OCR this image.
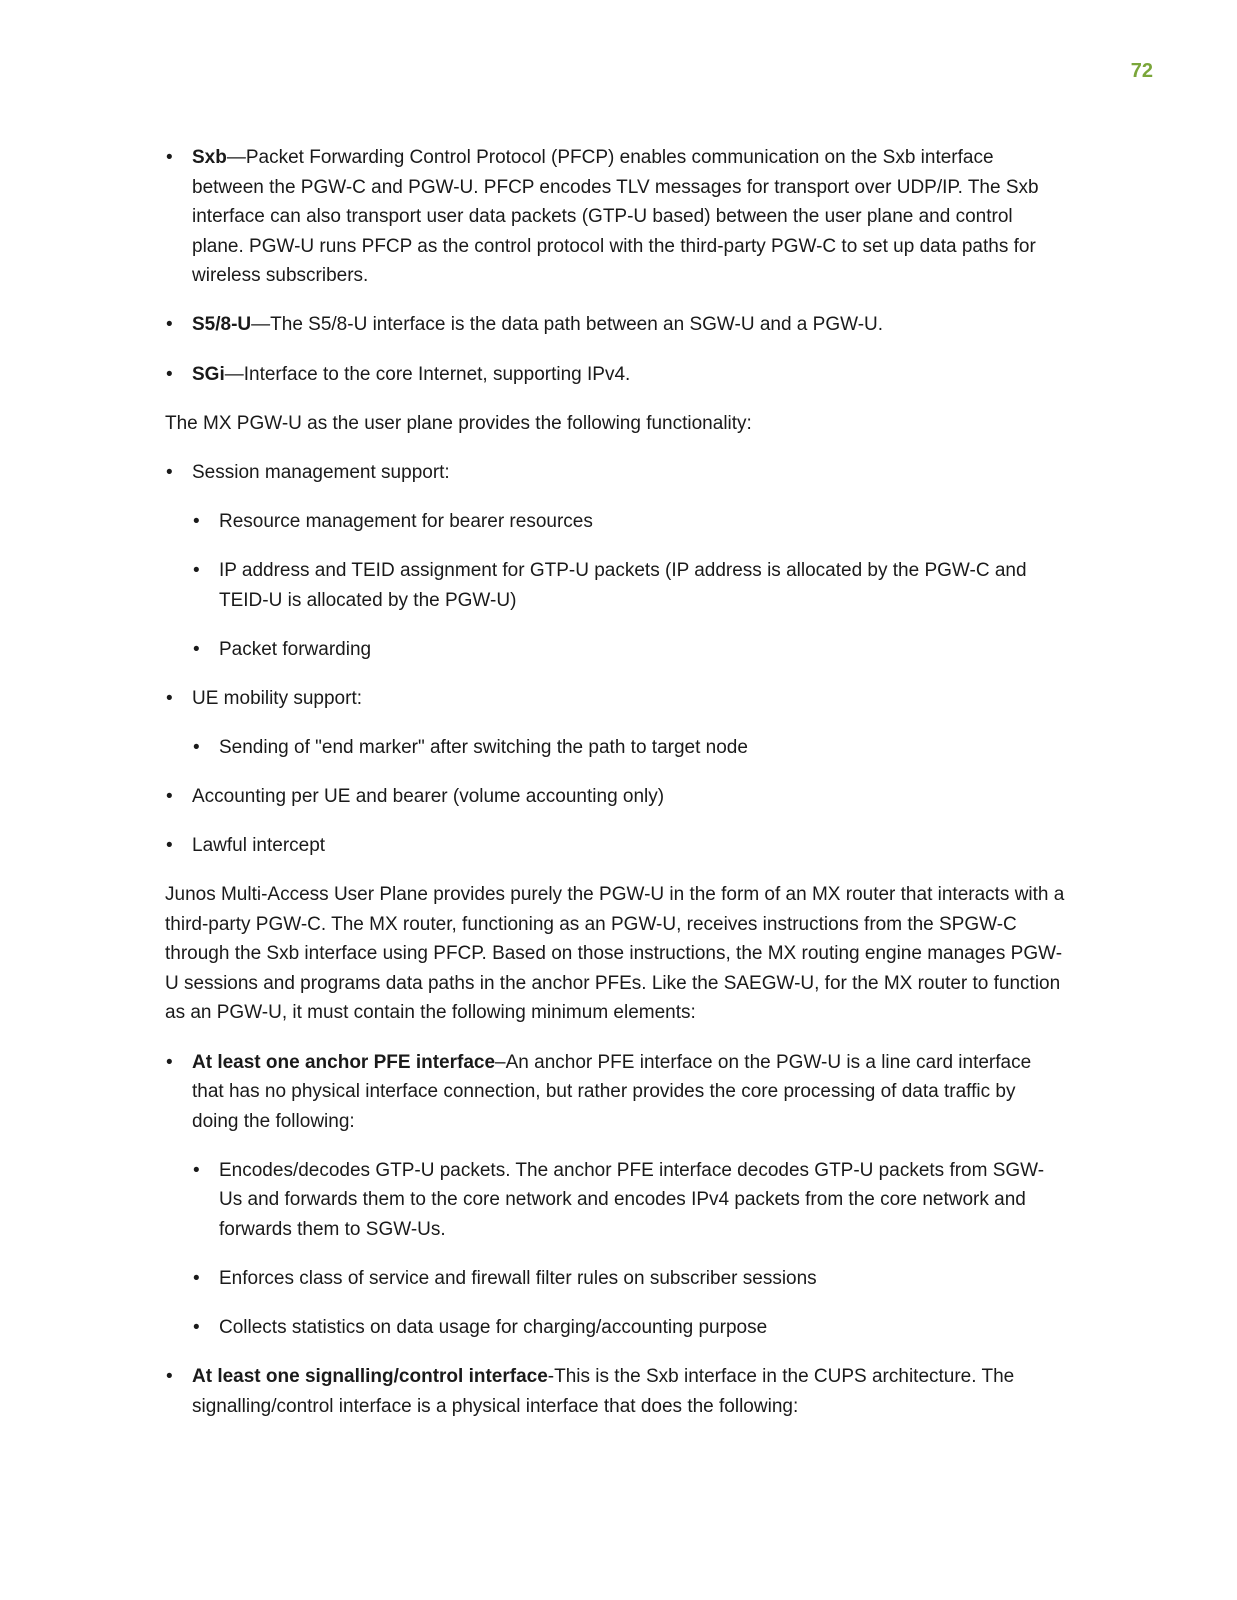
72
• Sxb—Packet Forwarding Control Protocol (PFCP) enables communication on the Sxb interface between the PGW-C and PGW-U. PFCP encodes TLV messages for transport over UDP/IP. The Sxb interface can also transport user data packets (GTP-U based) between the user plane and control plane. PGW-U runs PFCP as the control protocol with the third-party PGW-C to set up data paths for wireless subscribers.
• S5/8-U—The S5/8-U interface is the data path between an SGW-U and a PGW-U.
• SGi—Interface to the core Internet, supporting IPv4.

The MX PGW-U as the user plane provides the following functionality:

• Session management support:
• Resource management for bearer resources
• IP address and TEID assignment for GTP-U packets (IP address is allocated by the PGW-C and TEID-U is allocated by the PGW-U)
• Packet forwarding
• UE mobility support:
• Sending of "end marker" after switching the path to target node
• Accounting per UE and bearer (volume accounting only)
• Lawful intercept

Junos Multi-Access User Plane provides purely the PGW-U in the form of an MX router that interacts with a third-party PGW-C. The MX router, functioning as an PGW-U, receives instructions from the SPGW-C through the Sxb interface using PFCP. Based on those instructions, the MX routing engine manages PGW-U sessions and programs data paths in the anchor PFEs. Like the SAEGW-U, for the MX router to function as an PGW-U, it must contain the following minimum elements:

• At least one anchor PFE interface–An anchor PFE interface on the PGW-U is a line card interface that has no physical interface connection, but rather provides the core processing of data traffic by doing the following:
• Encodes/decodes GTP-U packets. The anchor PFE interface decodes GTP-U packets from SGW-Us and forwards them to the core network and encodes IPv4 packets from the core network and forwards them to SGW-Us.
• Enforces class of service and firewall filter rules on subscriber sessions
• Collects statistics on data usage for charging/accounting purpose
• At least one signalling/control interface-This is the Sxb interface in the CUPS architecture. The signalling/control interface is a physical interface that does the following:
